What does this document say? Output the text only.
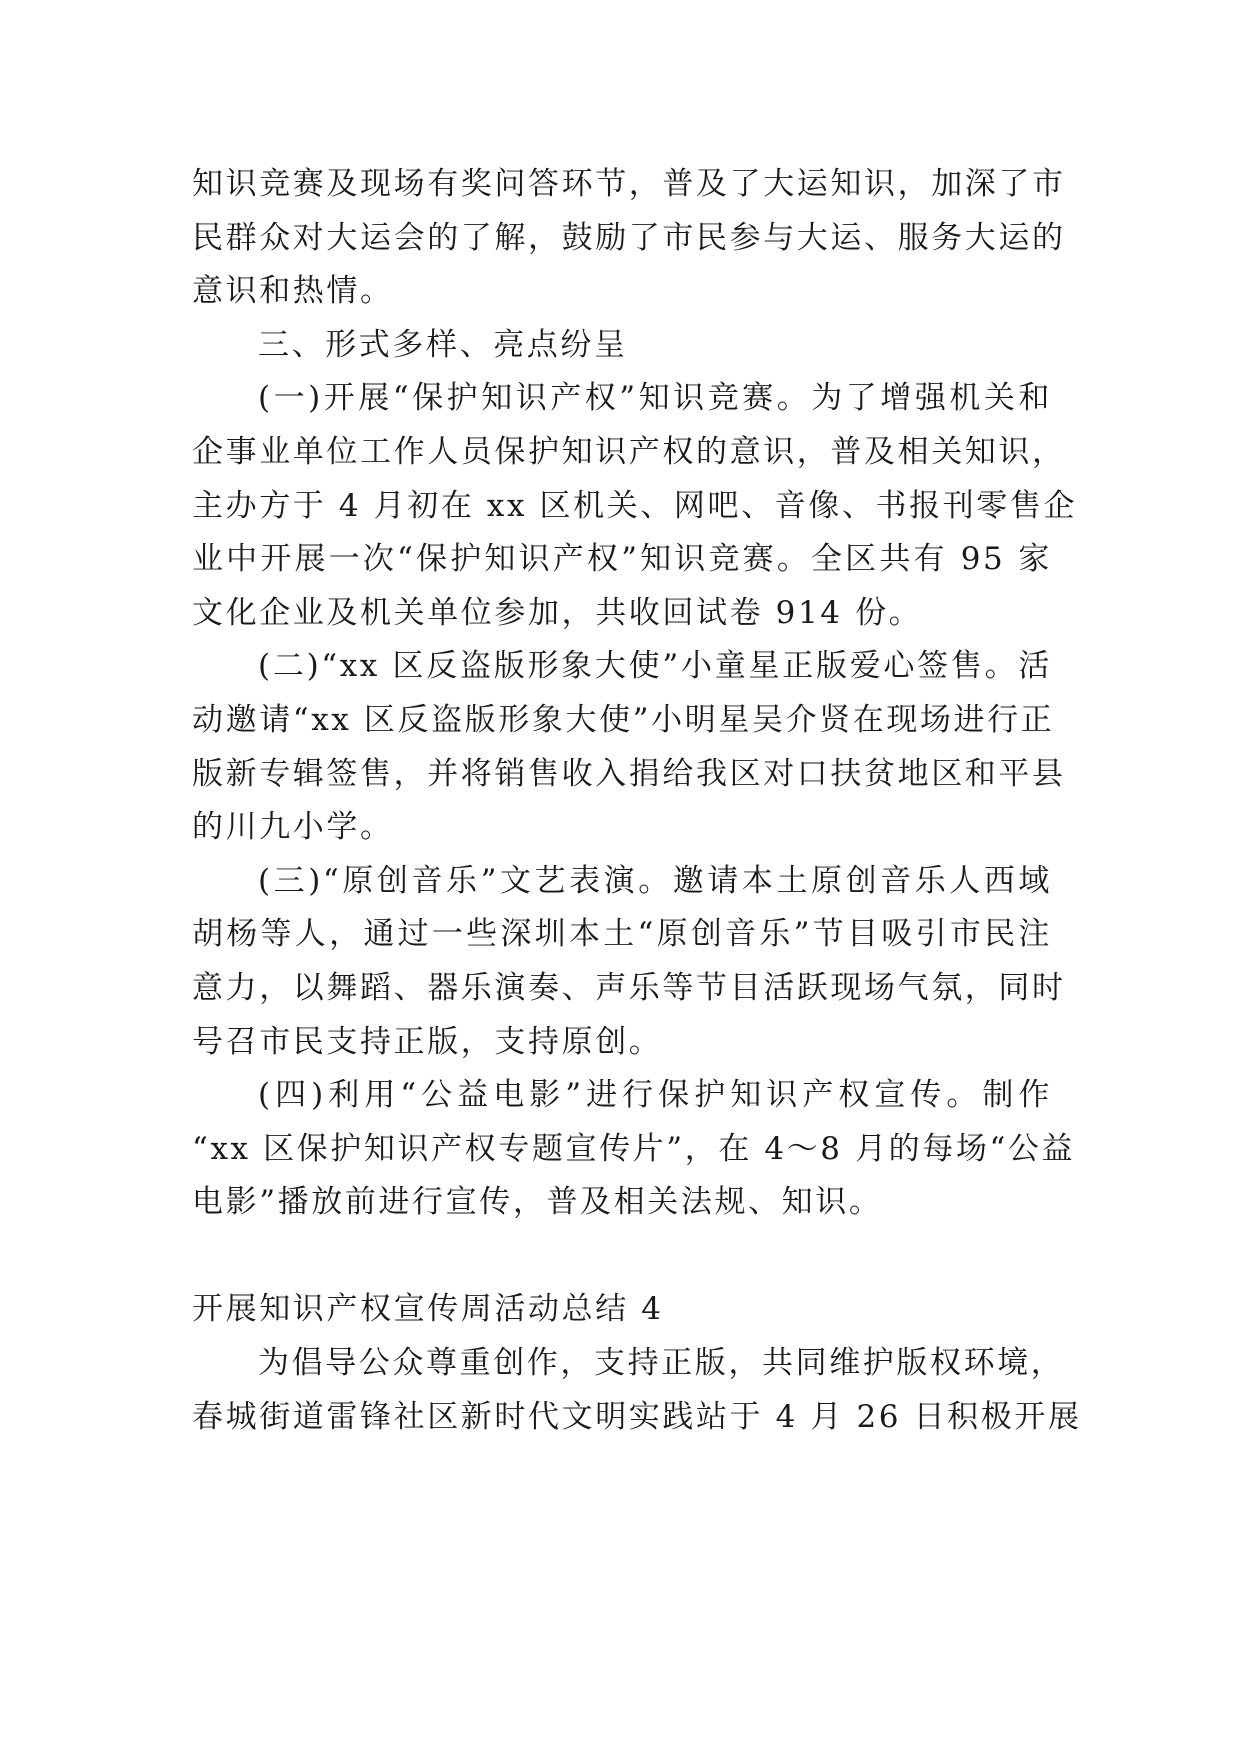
知识竞赛及现场有奖问答环节，普及了大运知识，加深了市
民群众对大运会的了解，鼓励了市民参与大运、服务大运的
意识和热情。
三、形式多样、亮点纷呈
(一)开展“保护知识产权”知识竞赛。为了增强机关和
企事业单位工作人员保护知识产权的意识，普及相关知识，
主办方于 4 月初在 xx 区机关、网吧、音像、书报刊零售企
业中开展一次“保护知识产权”知识竞赛。全区共有 95 家
文化企业及机关单位参加，共收回试卷 914 份。
(二)“xx 区反盗版形象大使”小童星正版爱心签售。活
动邀请“xx 区反盗版形象大使”小明星吴介贤在现场进行正
版新专辑签售，并将销售收入捐给我区对口扶贫地区和平县
的川九小学。
(三)“原创音乐”文艺表演。邀请本土原创音乐人西域
胡杨等人，通过一些深圳本土“原创音乐”节目吸引市民注
意力，以舞蹈、器乐演奏、声乐等节目活跃现场气氛，同时
号召市民支持正版，支持原创。
(四)利用“公益电影”进行保护知识产权宣传。制作
“xx 区保护知识产权专题宣传片”，在 4～8 月的每场“公益
电影”播放前进行宣传，普及相关法规、知识。
开展知识产权宣传周活动总结 4
为倡导公众尊重创作，支持正版，共同维护版权环境，
春城街道雷锋社区新时代文明实践站于 4 月 26 日积极开展
